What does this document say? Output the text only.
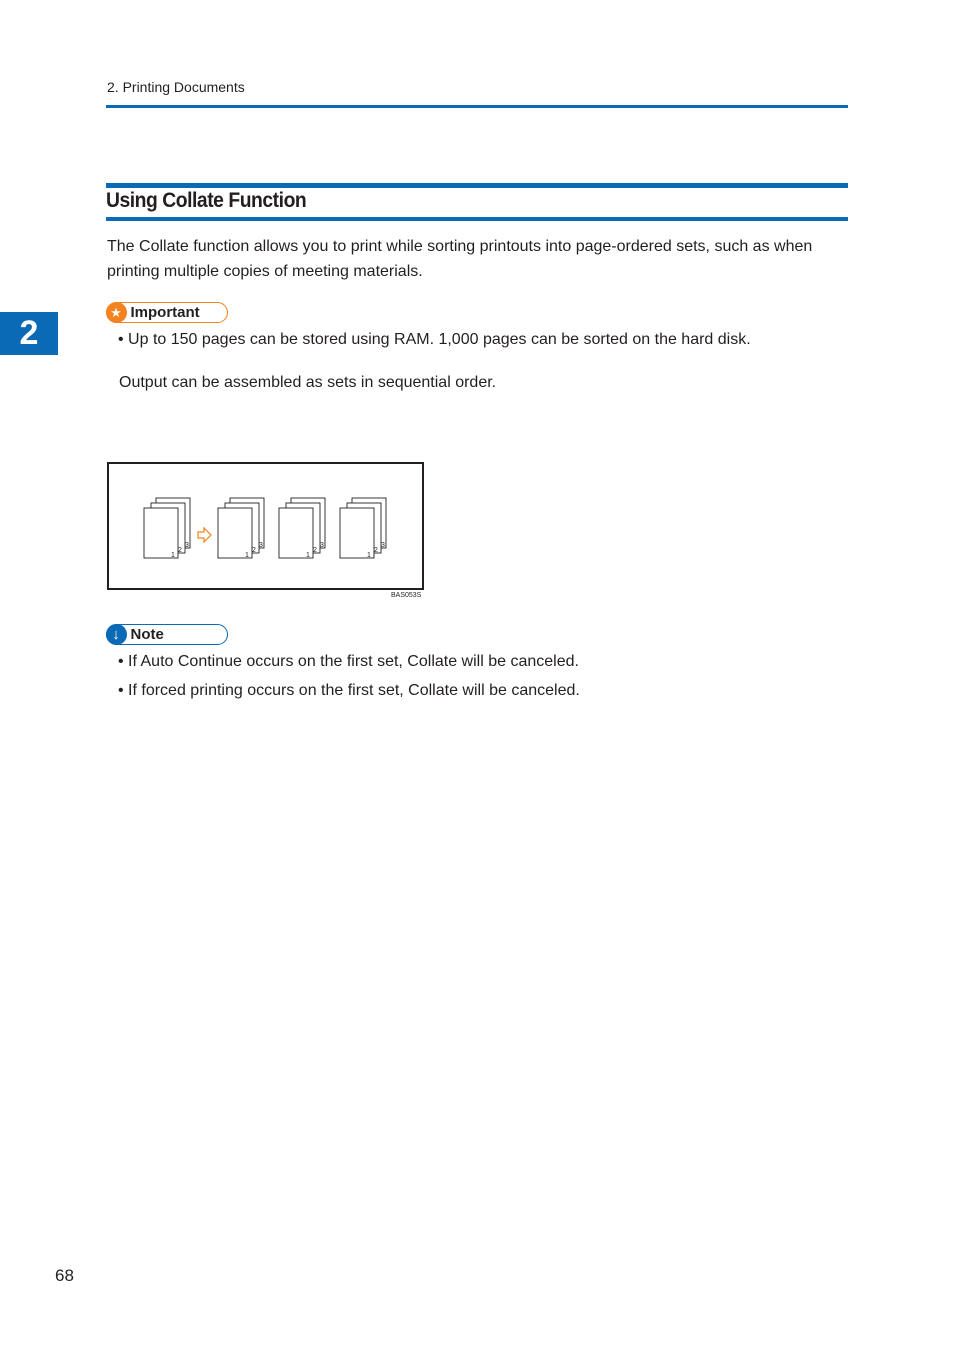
2. Printing Documents
2
Using Collate Function
The Collate function allows you to print while sorting printouts into page-ordered sets, such as when printing multiple copies of meeting materials.
★ Important
• Up to 150 pages can be stored using RAM. 1,000 pages can be sorted on the hard disk.
Output can be assembled as sets in sequential order.
3
2
1
3
2
1
3
2
1
3
2
1
BAS053S
↓ Note
• If Auto Continue occurs on the first set, Collate will be canceled.
• If forced printing occurs on the first set, Collate will be canceled.
68
